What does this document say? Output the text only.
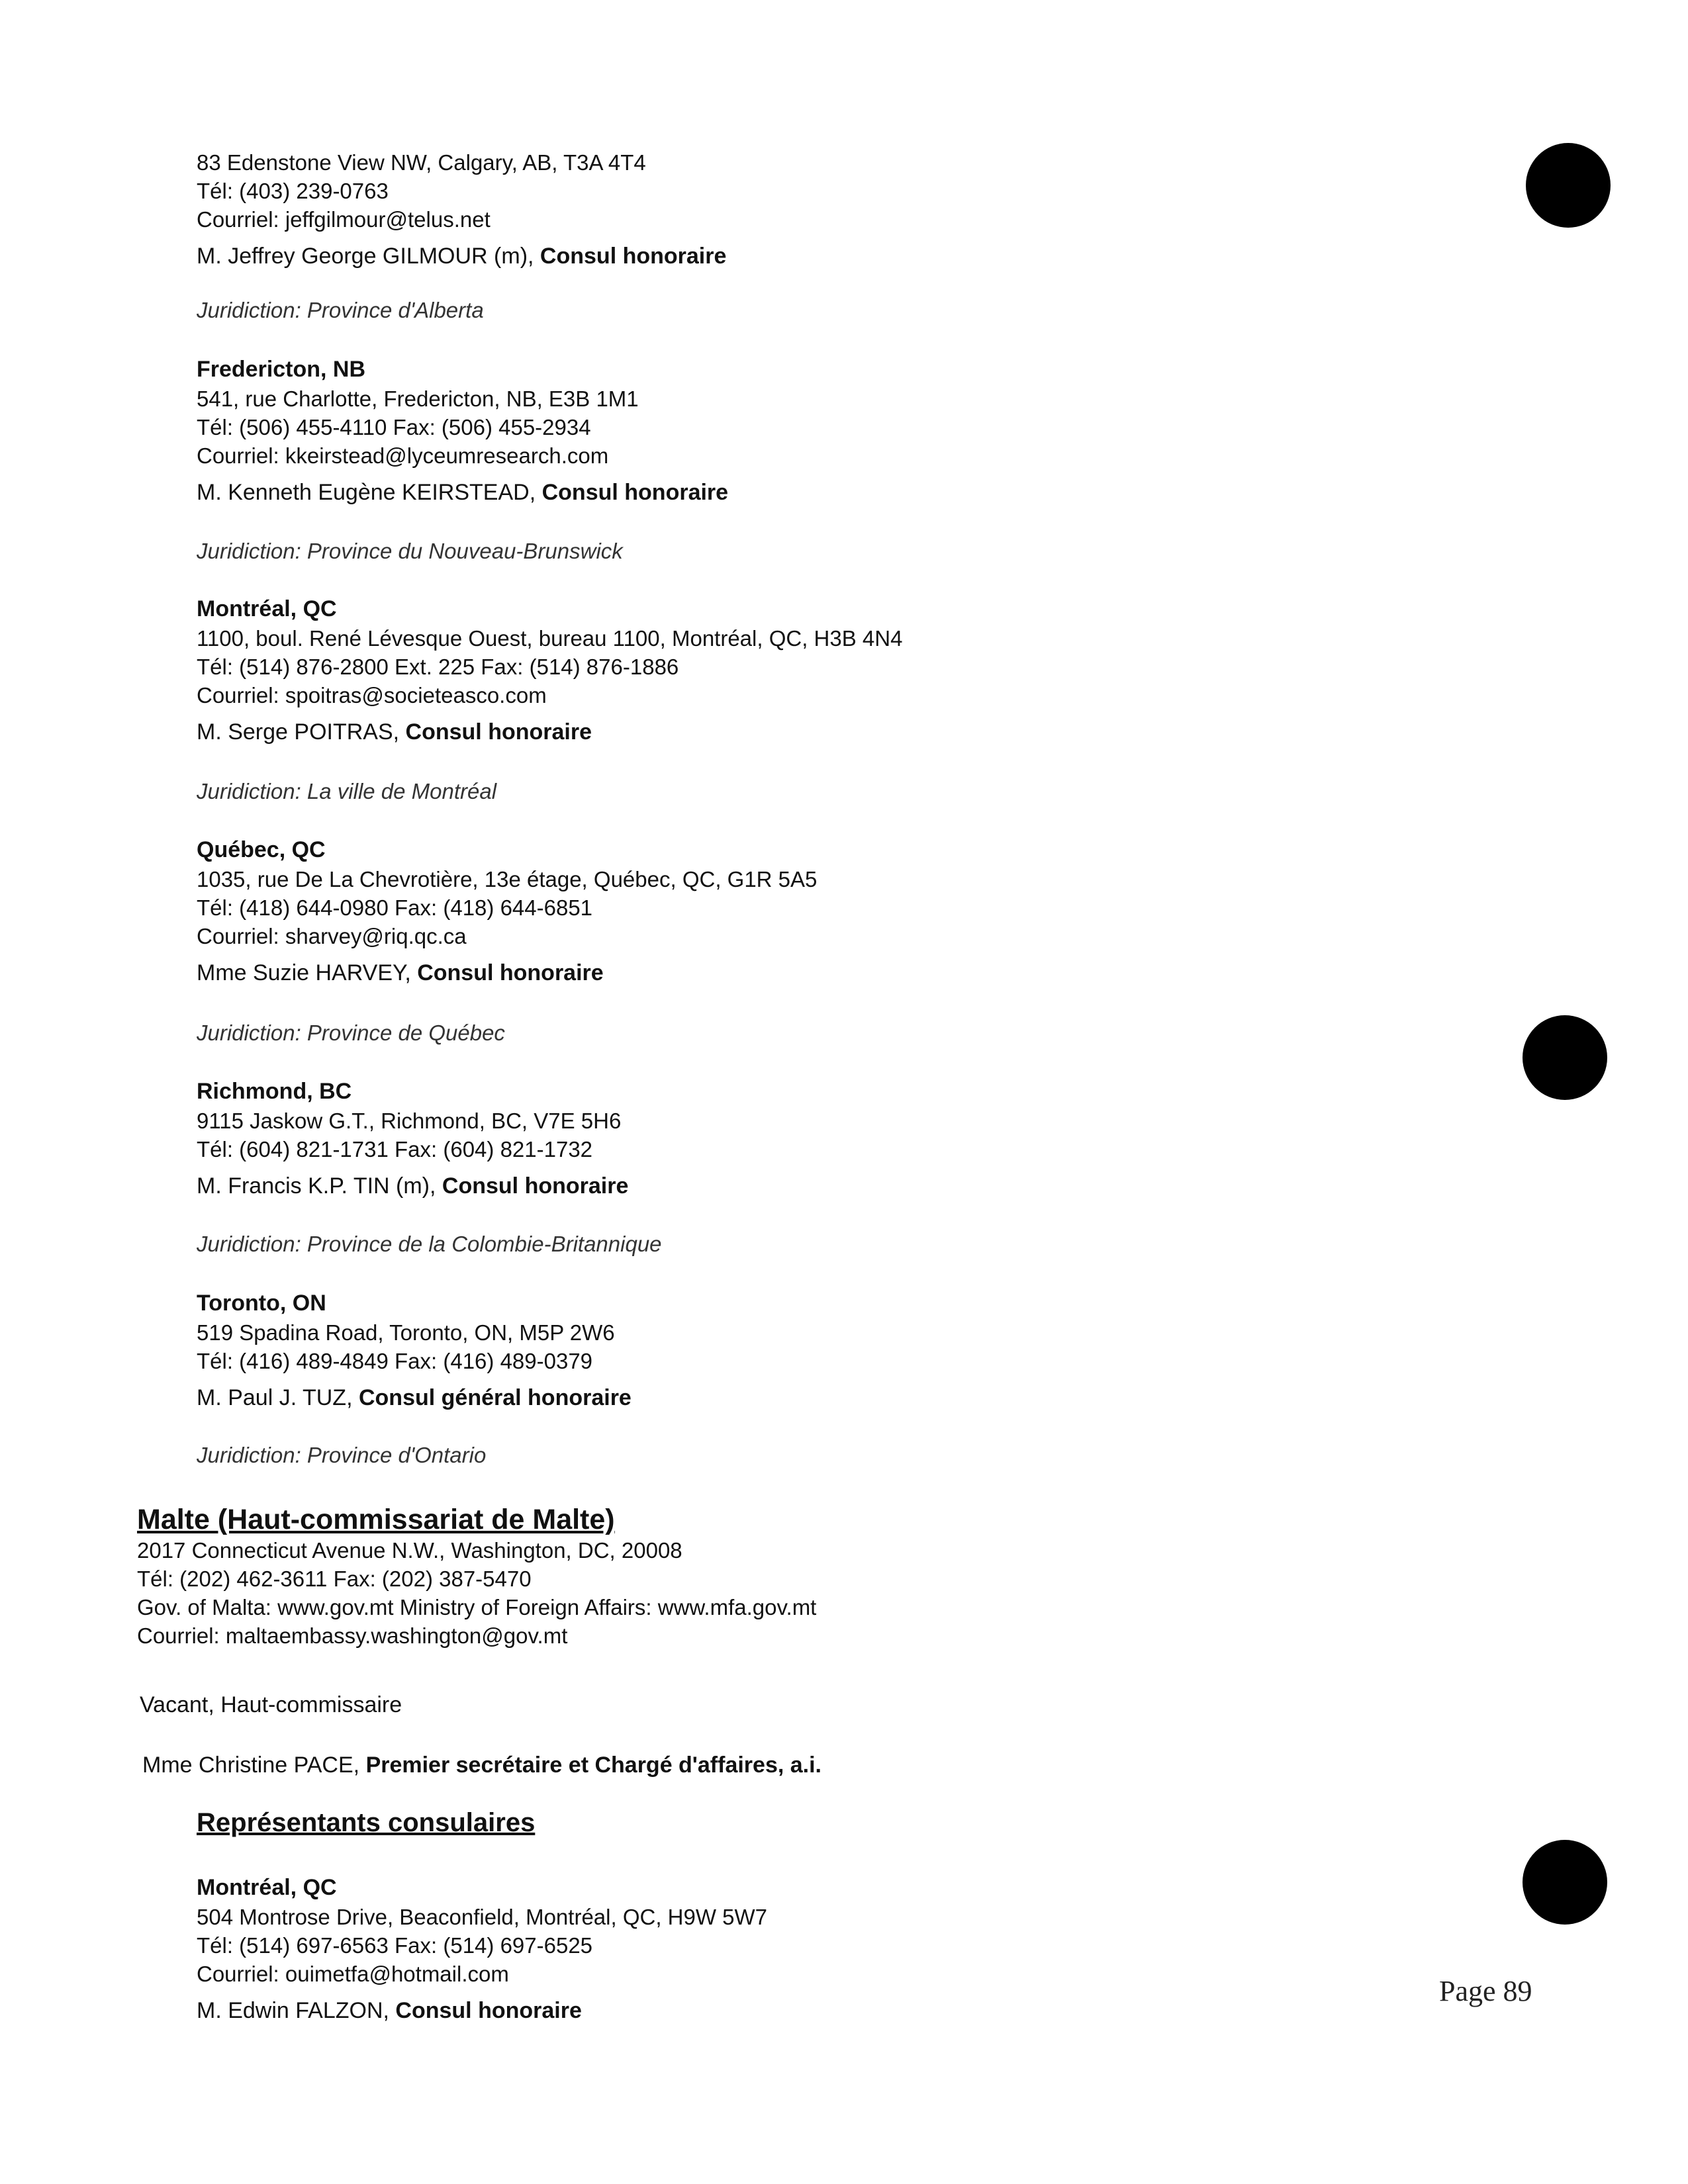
83 Edenstone View NW, Calgary, AB, T3A 4T4
Tél: (403) 239-0763
Courriel: jeffgilmour@telus.net
M. Jeffrey George GILMOUR (m), Consul honoraire
Juridiction: Province d'Alberta
Fredericton, NB
541, rue Charlotte, Fredericton, NB, E3B 1M1
Tél: (506) 455-4110 Fax: (506) 455-2934
Courriel: kkeirstead@lyceumresearch.com
M. Kenneth Eugène KEIRSTEAD, Consul honoraire
Juridiction: Province du Nouveau-Brunswick
Montréal, QC
1100, boul. René Lévesque Ouest, bureau 1100, Montréal, QC, H3B 4N4
Tél: (514) 876-2800 Ext. 225 Fax: (514) 876-1886
Courriel: spoitras@societeasco.com
M. Serge POITRAS, Consul honoraire
Juridiction: La ville de Montréal
Québec, QC
1035, rue De La Chevrotière, 13e étage, Québec, QC, G1R 5A5
Tél: (418) 644-0980 Fax: (418) 644-6851
Courriel: sharvey@riq.qc.ca
Mme Suzie HARVEY, Consul honoraire
Juridiction: Province de Québec
Richmond, BC
9115 Jaskow G.T., Richmond, BC, V7E 5H6
Tél: (604) 821-1731 Fax: (604) 821-1732
M. Francis K.P. TIN (m), Consul honoraire
Juridiction: Province de la Colombie-Britannique
Toronto, ON
519 Spadina Road, Toronto, ON, M5P 2W6
Tél: (416) 489-4849 Fax: (416) 489-0379
M. Paul J. TUZ, Consul général honoraire
Juridiction: Province d'Ontario
Malte (Haut-commissariat de Malte)
2017 Connecticut Avenue N.W., Washington, DC, 20008
Tél: (202) 462-3611 Fax: (202) 387-5470
Gov. of Malta: www.gov.mt Ministry of Foreign Affairs: www.mfa.gov.mt
Courriel: maltaembassy.washington@gov.mt
Vacant, Haut-commissaire
Mme Christine PACE, Premier secrétaire et Chargé d'affaires, a.i.
Représentants consulaires
Montréal, QC
504 Montrose Drive, Beaconfield, Montréal, QC, H9W 5W7
Tél: (514) 697-6563 Fax: (514) 697-6525
Courriel: ouimetfa@hotmail.com
M. Edwin FALZON, Consul honoraire
Page 89
